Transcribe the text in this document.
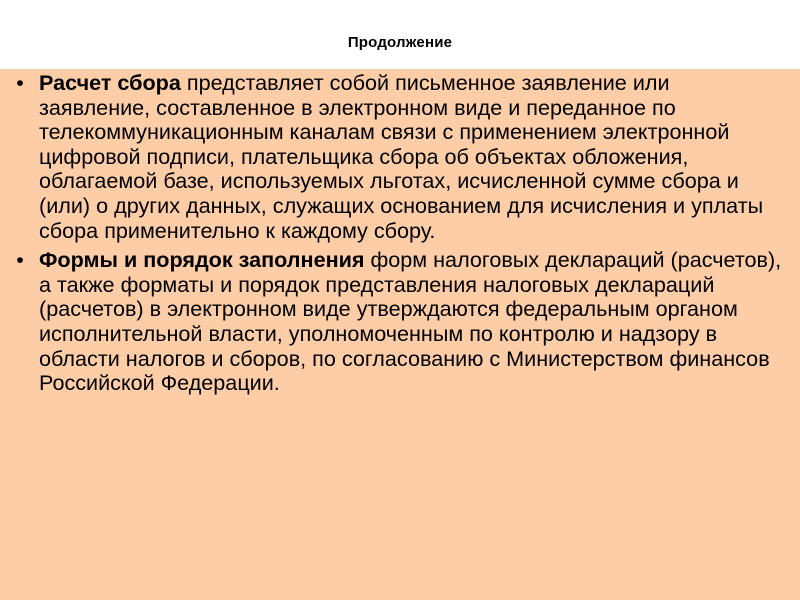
Продолжение
• Расчет сбора представляет собой письменное заявление или заявление, составленное в электронном виде и переданное по телекоммуникационным каналам связи с применением электронной цифровой подписи, плательщика сбора об объектах обложения, облагаемой базе, используемых льготах, исчисленной сумме сбора и (или) о других данных, служащих основанием для исчисления и уплаты сбора применительно к каждому сбору.
• Формы и порядок заполнения форм налоговых деклараций (расчетов), а также форматы и порядок представления налоговых деклараций (расчетов) в электронном виде утверждаются федеральным органом исполнительной власти, уполномоченным по контролю и надзору в области налогов и сборов, по согласованию с Министерством финансов Российской Федерации.
